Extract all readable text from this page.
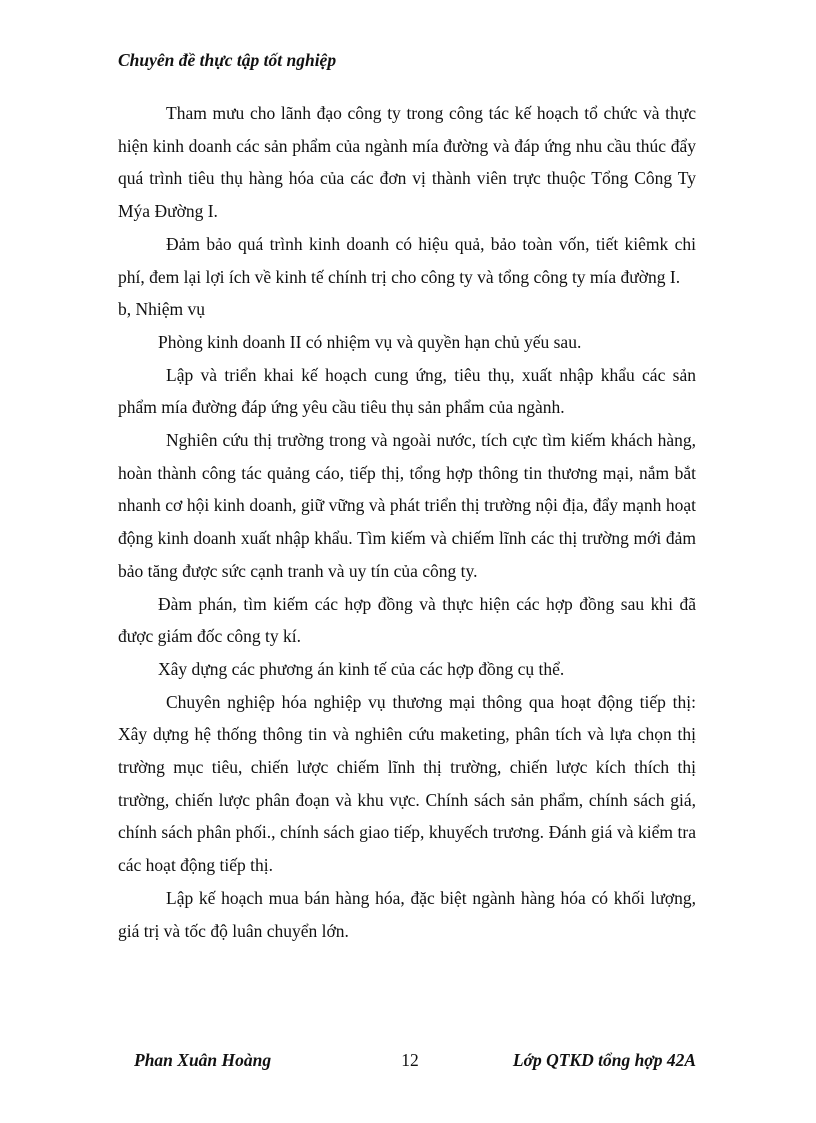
Chuyên đề thực tập tốt nghiệp

Tham mưu cho lãnh đạo công ty trong công tác kế hoạch tổ chức và thực hiện kinh doanh các sản phẩm của ngành mía đường và đáp ứng nhu cầu thúc đẩy quá trình tiêu thụ hàng hóa của các đơn vị thành viên trực thuộc Tổng Công Ty Mýa Đường I.

Đảm bảo quá trình kinh doanh có hiệu quả, bảo toàn vốn, tiết kiêmk chi phí, đem lại lợi ích về kinh tế chính trị cho công ty và tổng công ty mía đường I.

b, Nhiệm vụ

Phòng kinh doanh II có nhiệm vụ và quyền hạn chủ yếu sau.

Lập và triển khai kế hoạch cung ứng, tiêu thụ, xuất nhập khẩu các sản phẩm mía đường đáp ứng yêu cầu tiêu thụ sản phẩm của ngành.

Nghiên cứu thị trường trong và ngoài nước, tích cực tìm kiếm khách hàng, hoàn thành công tác quảng cáo, tiếp thị, tổng hợp thông tin thương mại, nắm bắt nhanh cơ hội kinh doanh, giữ vững và phát triển thị trường nội địa, đẩy mạnh hoạt động kinh doanh xuất nhập khẩu. Tìm kiếm và chiếm lĩnh các thị trường mới đảm bảo tăng được sức cạnh tranh và uy tín của công ty.

Đàm phán, tìm kiếm các hợp đồng và thực hiện các hợp đồng sau khi đã được giám đốc công ty kí.

Xây dựng các phương án kinh tế của các hợp đồng cụ thể.

Chuyên nghiệp hóa nghiệp vụ thương mại thông qua hoạt động tiếp thị: Xây dựng hệ thống thông tin và nghiên cứu maketing, phân tích và lựa chọn thị trường mục tiêu, chiến lược chiếm lĩnh thị trường, chiến lược kích thích thị trường, chiến lược phân đoạn và khu vực. Chính sách sản phẩm, chính sách giá, chính sách phân phối., chính sách giao tiếp, khuyếch trương. Đánh giá và kiểm tra các hoạt động tiếp thị.

Lập kế hoạch mua bán hàng hóa, đặc biệt ngành hàng hóa có khối lượng, giá trị và tốc độ luân chuyển lớn.

Phan Xuân Hoàng	12	Lớp QTKD tổng hợp 42A
